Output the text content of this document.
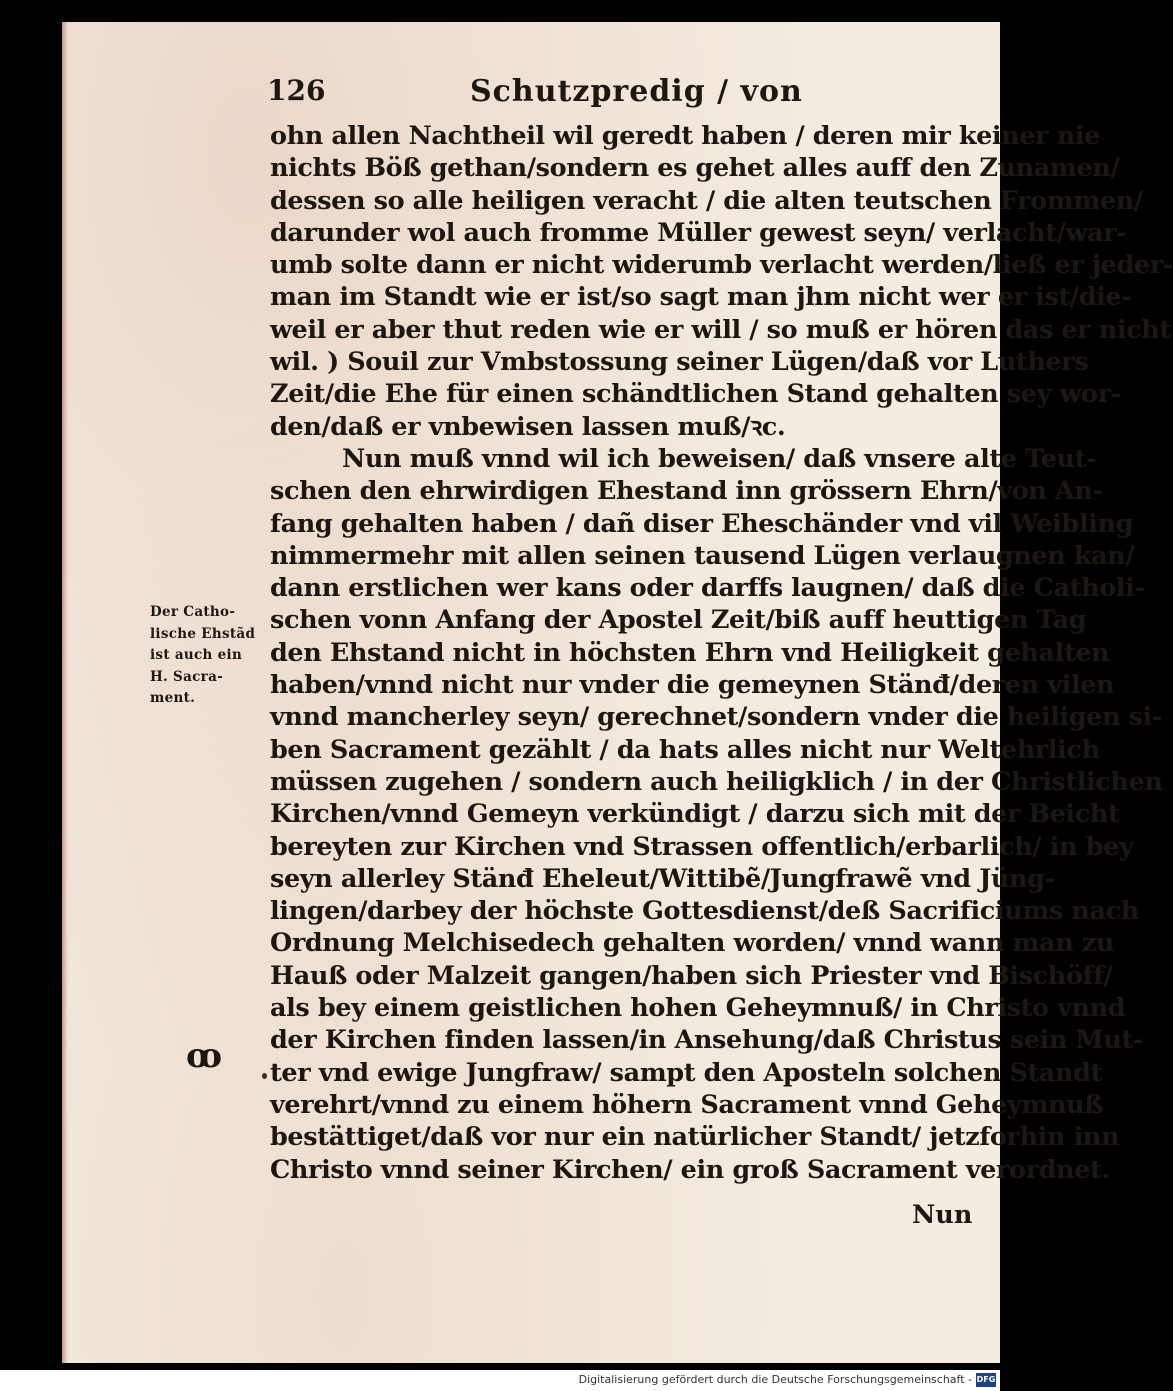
126	Schutzpredig / von
ohn allen Nachtheil wil geredt haben / deren mir keiner nie
nichts Böß gethan/sondern es gehet alles auff den Zunamen/
dessen so alle heiligen veracht / die alten teutschen Frommen/
darunder wol auch fromme Müller gewest seyn/ verlacht/war-
umb solte dann er nicht widerumb verlacht werden/ließ er jeder-
man im Standt wie er ist/so sagt man jhm nicht wer er ist/die-
weil er aber thut reden wie er will / so muß er hören das er nicht
wil. ) Souil zur Vmbstossung seiner Lügen/daß vor Luthers
Zeit/die Ehe für einen schändtlichen Stand gehalten sey wor-
den/daß er vnbewisen lassen muß/ꝛc.
Nun muß vnnd wil ich beweisen/ daß vnsere alte Teut-
schen den ehrwirdigen Ehestand inn grössern Ehrn/von An-
fang gehalten haben / dañ diser Eheschänder vnd vil Weibling
nimmermehr mit allen seinen tausend Lügen verlaugnen kan/
dann erstlichen wer kans oder darffs laugnen/ daß die Catholi-
schen vonn Anfang der Apostel Zeit/biß auff heuttigen Tag
den Ehstand nicht in höchsten Ehrn vnd Heiligkeit gehalten
haben/vnnd nicht nur vnder die gemeynen Stänđ/deren vilen
vnnd mancherley seyn/ gerechnet/sondern vnder die heiligen si-
ben Sacrament gezählt / da hats alles nicht nur Weltehrlich
müssen zugehen / sondern auch heiligklich / in der Christlichen
Kirchen/vnnd Gemeyn verkündigt / darzu sich mit der Beicht
bereyten zur Kirchen vnd Strassen offentlich/erbarlich/ in bey
seyn allerley Stänđ Eheleut/Wittibẽ/Jungfrawẽ vnd Jüng-
lingen/darbey der höchste Gottesdienst/deß Sacrificiums nach
Ordnung Melchisedech gehalten worden/ vnnd wann man zu
Hauß oder Malzeit gangen/haben sich Priester vnd Bischöff/
als bey einem geistlichen hohen Geheymnuß/ in Christo vnnd
der Kirchen finden lassen/in Ansehung/daß Christus sein Mut-
ter vnd ewige Jungfraw/ sampt den Aposteln solchen Standt
verehrt/vnnd zu einem höhern Sacrament vnnd Geheymnuß
bestättiget/daß vor nur ein natürlicher Standt/ jetzforhin inn
Christo vnnd seiner Kirchen/ ein groß Sacrament verordnet.
Nun
Der Catho-
lische Ehstãd
ist auch ein
H. Sacra-
ment.
ꝏ
Digitalisierung gefördert durch die Deutsche Forschungsgemeinschaft - DFG
